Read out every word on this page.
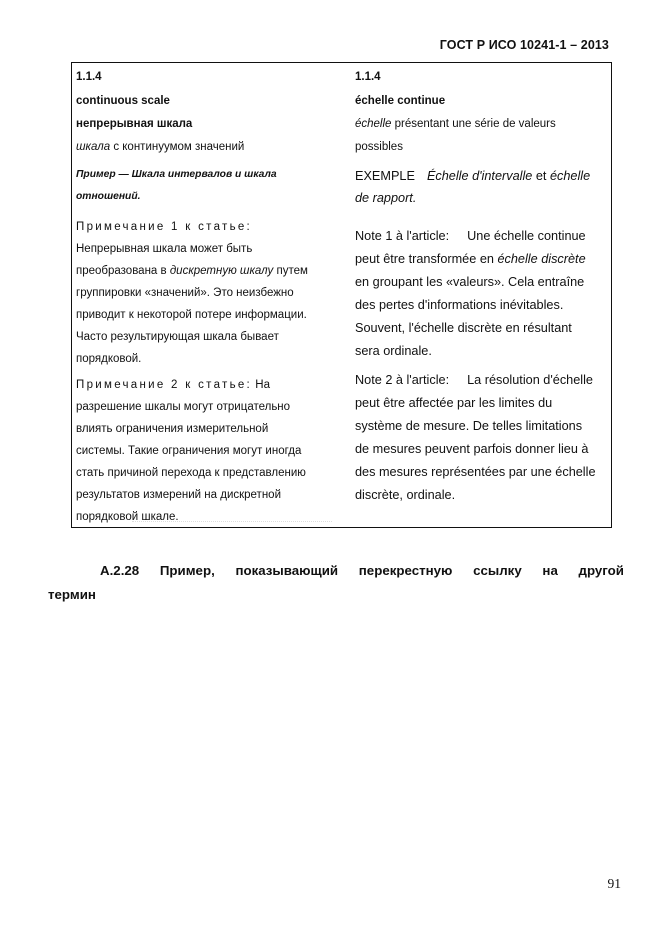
ГОСТ Р ИСО 10241-1 – 2013
1.1.4
continuous scale
непрерывная шкала
шкала с континуумом значений
Пример — Шкала интервалов и шкала
отношений.
Примечание 1 к статье:
Непрерывная шкала может быть
преобразована в дискретную шкалу путем
группировки «значений». Это неизбежно
приводит к некоторой потере информации.
Часто результирующая шкала бывает
порядковой.
Примечание 2 к статье: На
разрешение шкалы могут отрицательно
влиять ограничения измерительной
системы. Такие ограничения могут иногда
стать причиной перехода к представлению
результатов измерений на дискретной
порядковой шкале.
1.1.4
échelle continue
échelle présentant une série de valeurs
possibles
EXEMPLE Échelle d'intervalle et échelle
de rapport.
Note 1 à l'article: Une échelle continue
peut être transformée en échelle discrète
en groupant les «valeurs». Cela entraîne
des pertes d'informations inévitables.
Souvent, l'échelle discrète en résultant
sera ordinale.
Note 2 à l'article: La résolution d'échelle
peut être affectée par les limites du
système de mesure. De telles limitations
de mesures peuvent parfois donner lieu à
des mesures représentées par une échelle
discrète, ordinale.
A.2.28 Пример, показывающий перекрестную ссылку на другой
термин
91
